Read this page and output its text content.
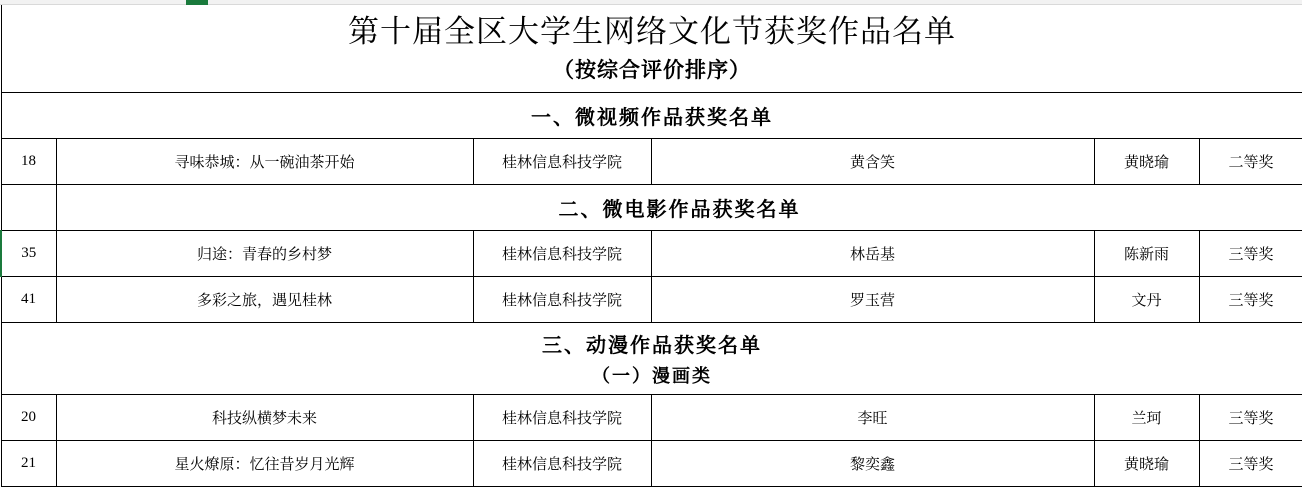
第十届全区大学生网络文化节获奖作品名单
（按综合评价排序）					

一、微视频作品获奖名单					
18	寻味恭城：从一碗油茶开始	桂林信息科技学院	黄含笑	黄晓瑜	二等奖

	二、微电影作品获奖名单				
35	归途：青春的乡村梦	桂林信息科技学院	林岳基	陈新雨	三等奖

41	多彩之旅，遇见桂林	桂林信息科技学院	罗玉营	文丹	三等奖

三、动漫作品获奖名单
（一）漫画类					

20	科技纵横梦未来	桂林信息科技学院	李旺	兰珂	三等奖

21	星火燎原：忆往昔岁月光辉	桂林信息科技学院	黎奕鑫	黄晓瑜	三等奖
